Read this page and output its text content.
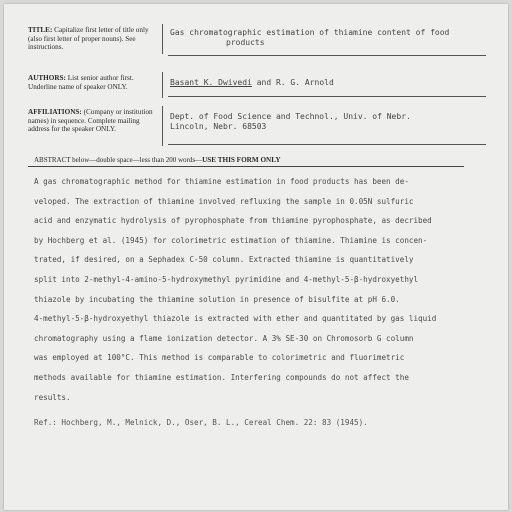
TITLE: Capitalize first letter of title only (also first letter of proper nouns). See instructions.
Gas chromatographic estimation of thiamine content of food
products
AUTHORS: List senior author first. Underline name of speaker ONLY.	Basant K. Dwivedi and R. G. Arnold
AFFILIATIONS: (Company or institution names) in sequence. Complete mailing address for the speaker ONLY.
Dept. of Food Science and Technol., Univ. of Nebr.
Lincoln, Nebr. 68503
ABSTRACT below—double space—less than 200 words—USE THIS FORM ONLY

A gas chromatographic method for thiamine estimation in food products has been de-

veloped. The extraction of thiamine involved refluxing the sample in 0.05N sulfuric

acid and enzymatic hydrolysis of pyrophosphate from thiamine pyrophosphate, as decribed

by Hochberg et al. (1945) for colorimetric estimation of thiamine. Thiamine is concen-

trated, if desired, on a Sephadex C-50 column. Extracted thiamine is quantitatively

split into 2-methyl-4-amino-5-hydroxymethyl pyrimidine and 4-methyl-5-β-hydroxyethyl

thiazole by incubating the thiamine solution in presence of bisulfite at pH 6.0.

4-methyl-5-β-hydroxyethyl thiazole is extracted with ether and quantitated by gas liquid

chromatography using a flame ionization detector. A 3% SE-30 on Chromosorb G column

was employed at 100°C. This method is comparable to colorimetric and fluorimetric

methods available for thiamine estimation. Interfering compounds do not affect the

results.

Ref.: Hochberg, M., Melnick, D., Oser, B. L., Cereal Chem. 22: 83 (1945).
